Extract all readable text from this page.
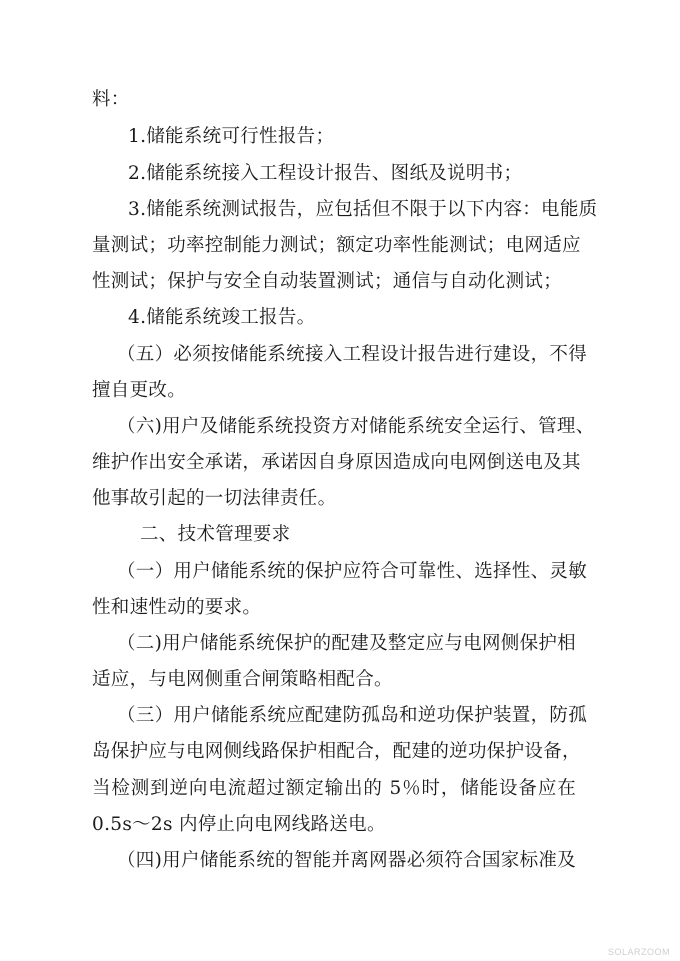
料：
1.储能系统可行性报告；
2.储能系统接入工程设计报告、图纸及说明书；
3.储能系统测试报告，应包括但不限于以下内容：电能质
量测试；功率控制能力测试；额定功率性能测试；电网适应
性测试；保护与安全自动装置测试；通信与自动化测试；
4.储能系统竣工报告。
（五）必须按储能系统接入工程设计报告进行建设，不得
擅自更改。
（六)用户及储能系统投资方对储能系统安全运行、管理、
维护作出安全承诺，承诺因自身原因造成向电网倒送电及其
他事故引起的一切法律责任。
二、技术管理要求
（一）用户储能系统的保护应符合可靠性、选择性、灵敏
性和速性动的要求。
（二)用户储能系统保护的配建及整定应与电网侧保护相
适应，与电网侧重合闸策略相配合。
（三）用户储能系统应配建防孤岛和逆功保护装置，防孤
岛保护应与电网侧线路保护相配合，配建的逆功保护设备，
当检测到逆向电流超过额定输出的 5％时，储能设备应在
0.5s～2s 内停止向电网线路送电。
（四)用户储能系统的智能并离网器必须符合国家标准及
SOLARZOOM
